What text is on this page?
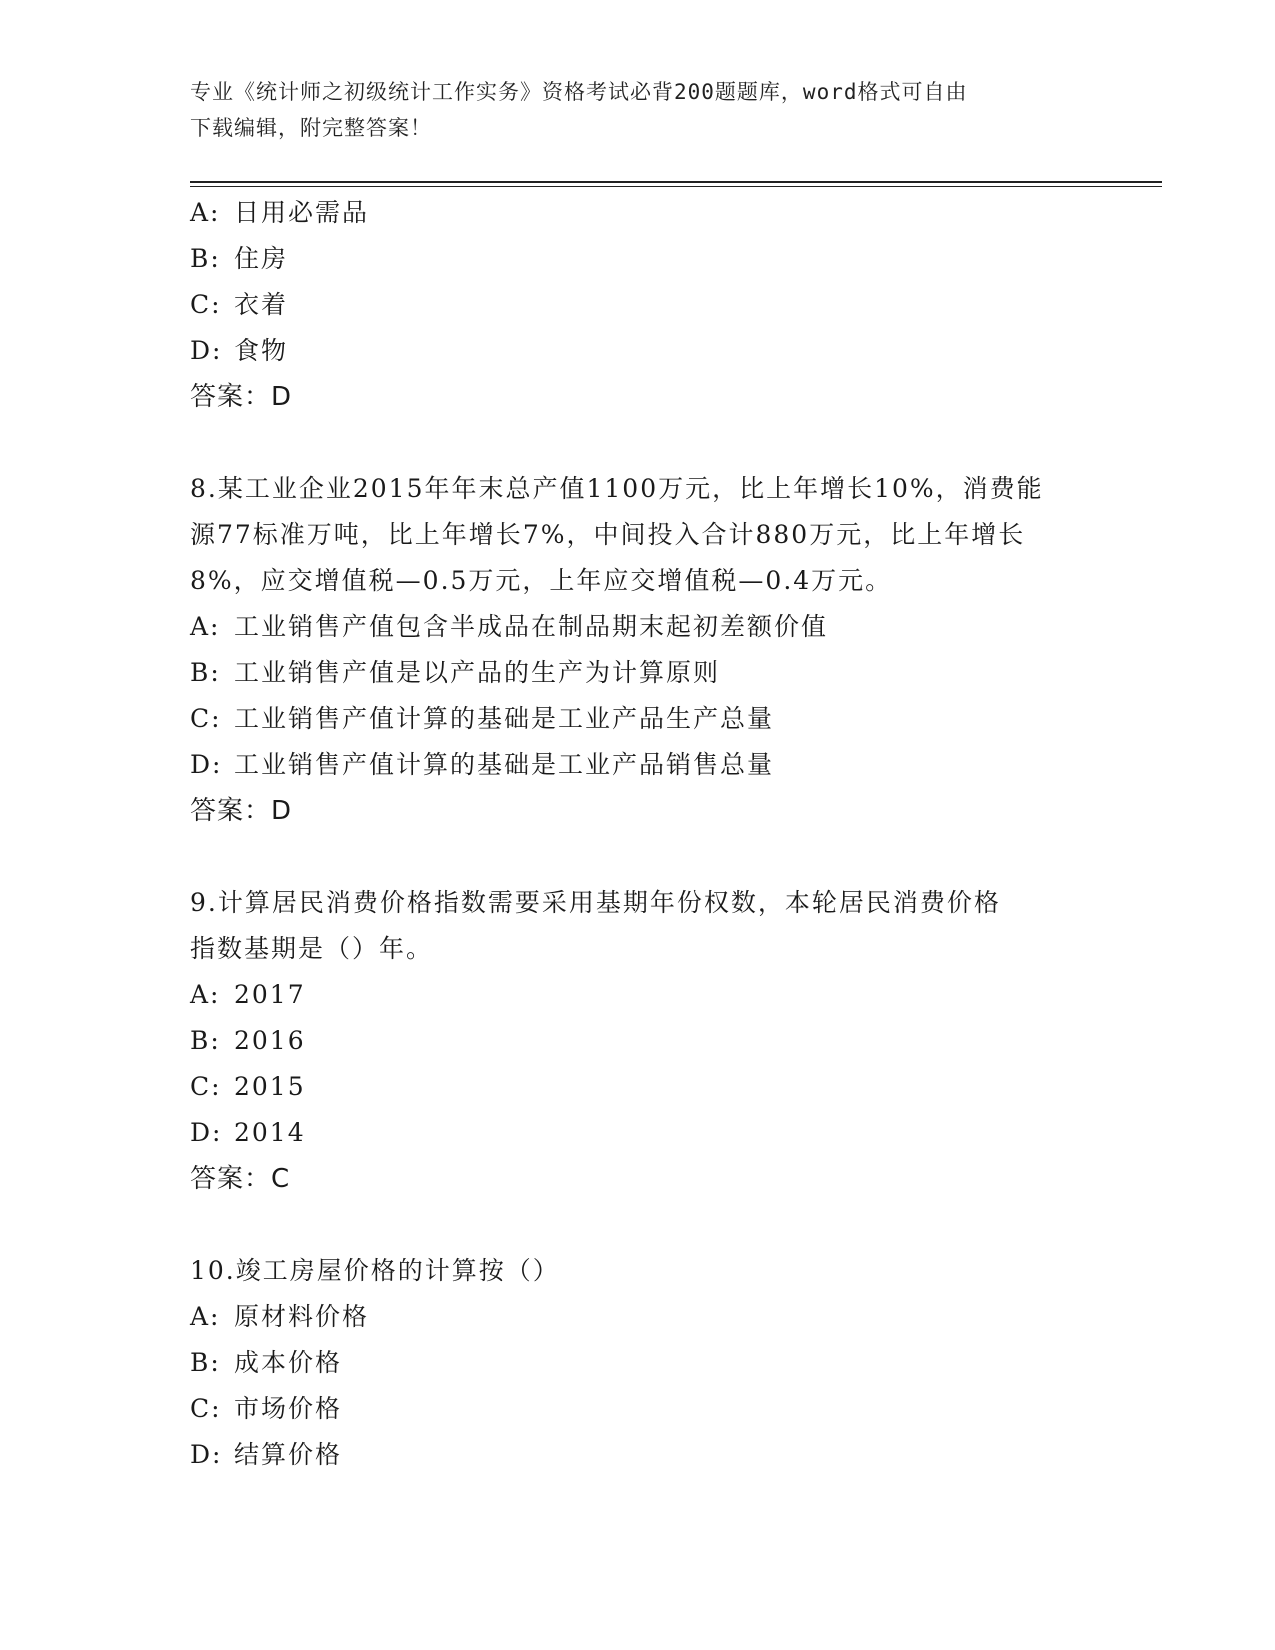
专业《统计师之初级统计工作实务》资格考试必背200题题库，word格式可自由
下载编辑，附完整答案！
A: 日用必需品
B: 住房
C: 衣着
D: 食物
答案：D
8.某工业企业2015年年末总产值1100万元，比上年增长10%，消费能
源77标准万吨，比上年增长7%，中间投入合计880万元，比上年增长
8%，应交增值税—0.5万元，上年应交增值税—0.4万元。
A: 工业销售产值包含半成品在制品期末起初差额价值
B: 工业销售产值是以产品的生产为计算原则
C: 工业销售产值计算的基础是工业产品生产总量
D: 工业销售产值计算的基础是工业产品销售总量
答案：D
9.计算居民消费价格指数需要采用基期年份权数，本轮居民消费价格
指数基期是（）年。
A: 2017
B: 2016
C: 2015
D: 2014
答案：C
10.竣工房屋价格的计算按（）
A: 原材料价格
B: 成本价格
C: 市场价格
D: 结算价格
